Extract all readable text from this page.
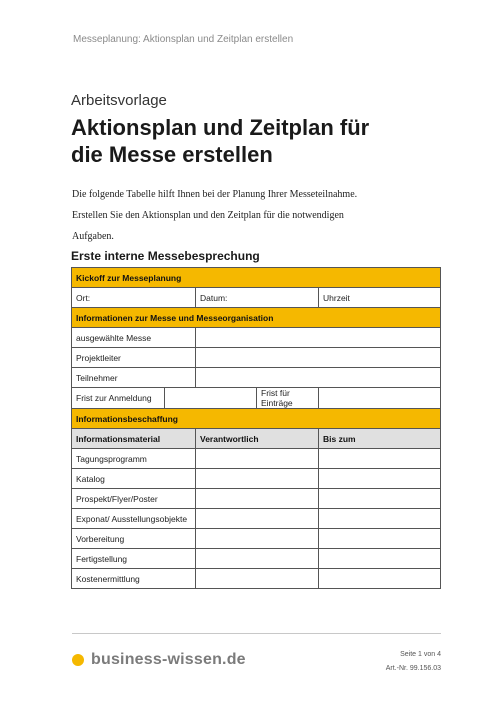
Messeplanung: Aktionsplan und Zeitplan erstellen
Arbeitsvorlage
Aktionsplan und Zeitplan für
die Messe erstellen
Die folgende Tabelle hilft Ihnen bei der Planung Ihrer Messeteilnahme.
Erstellen Sie den Aktionsplan und den Zeitplan für die notwendigen
Aufgaben.
Erste interne Messebesprechung
Kickoff zur Messeplanung				
Ort:		Datum:		Uhrzeit
Informationen zur Messe und Messeorganisation				
ausgewählte Messe				
Projektleiter				
Teilnehmer				
Frist zur Anmeldung			Frist für Einträge	
Informationsbeschaffung				
Informationsmaterial		Verantwortlich		Bis zum
Tagungsprogramm				
Katalog				
Prospekt/Flyer/Poster				
Exponat/ Ausstellungsobjekte				
Vorbereitung				
Fertigstellung				
Kostenermittlung				
business-wissen.de	Seite 1 von 4
Art.-Nr. 99.156.03
